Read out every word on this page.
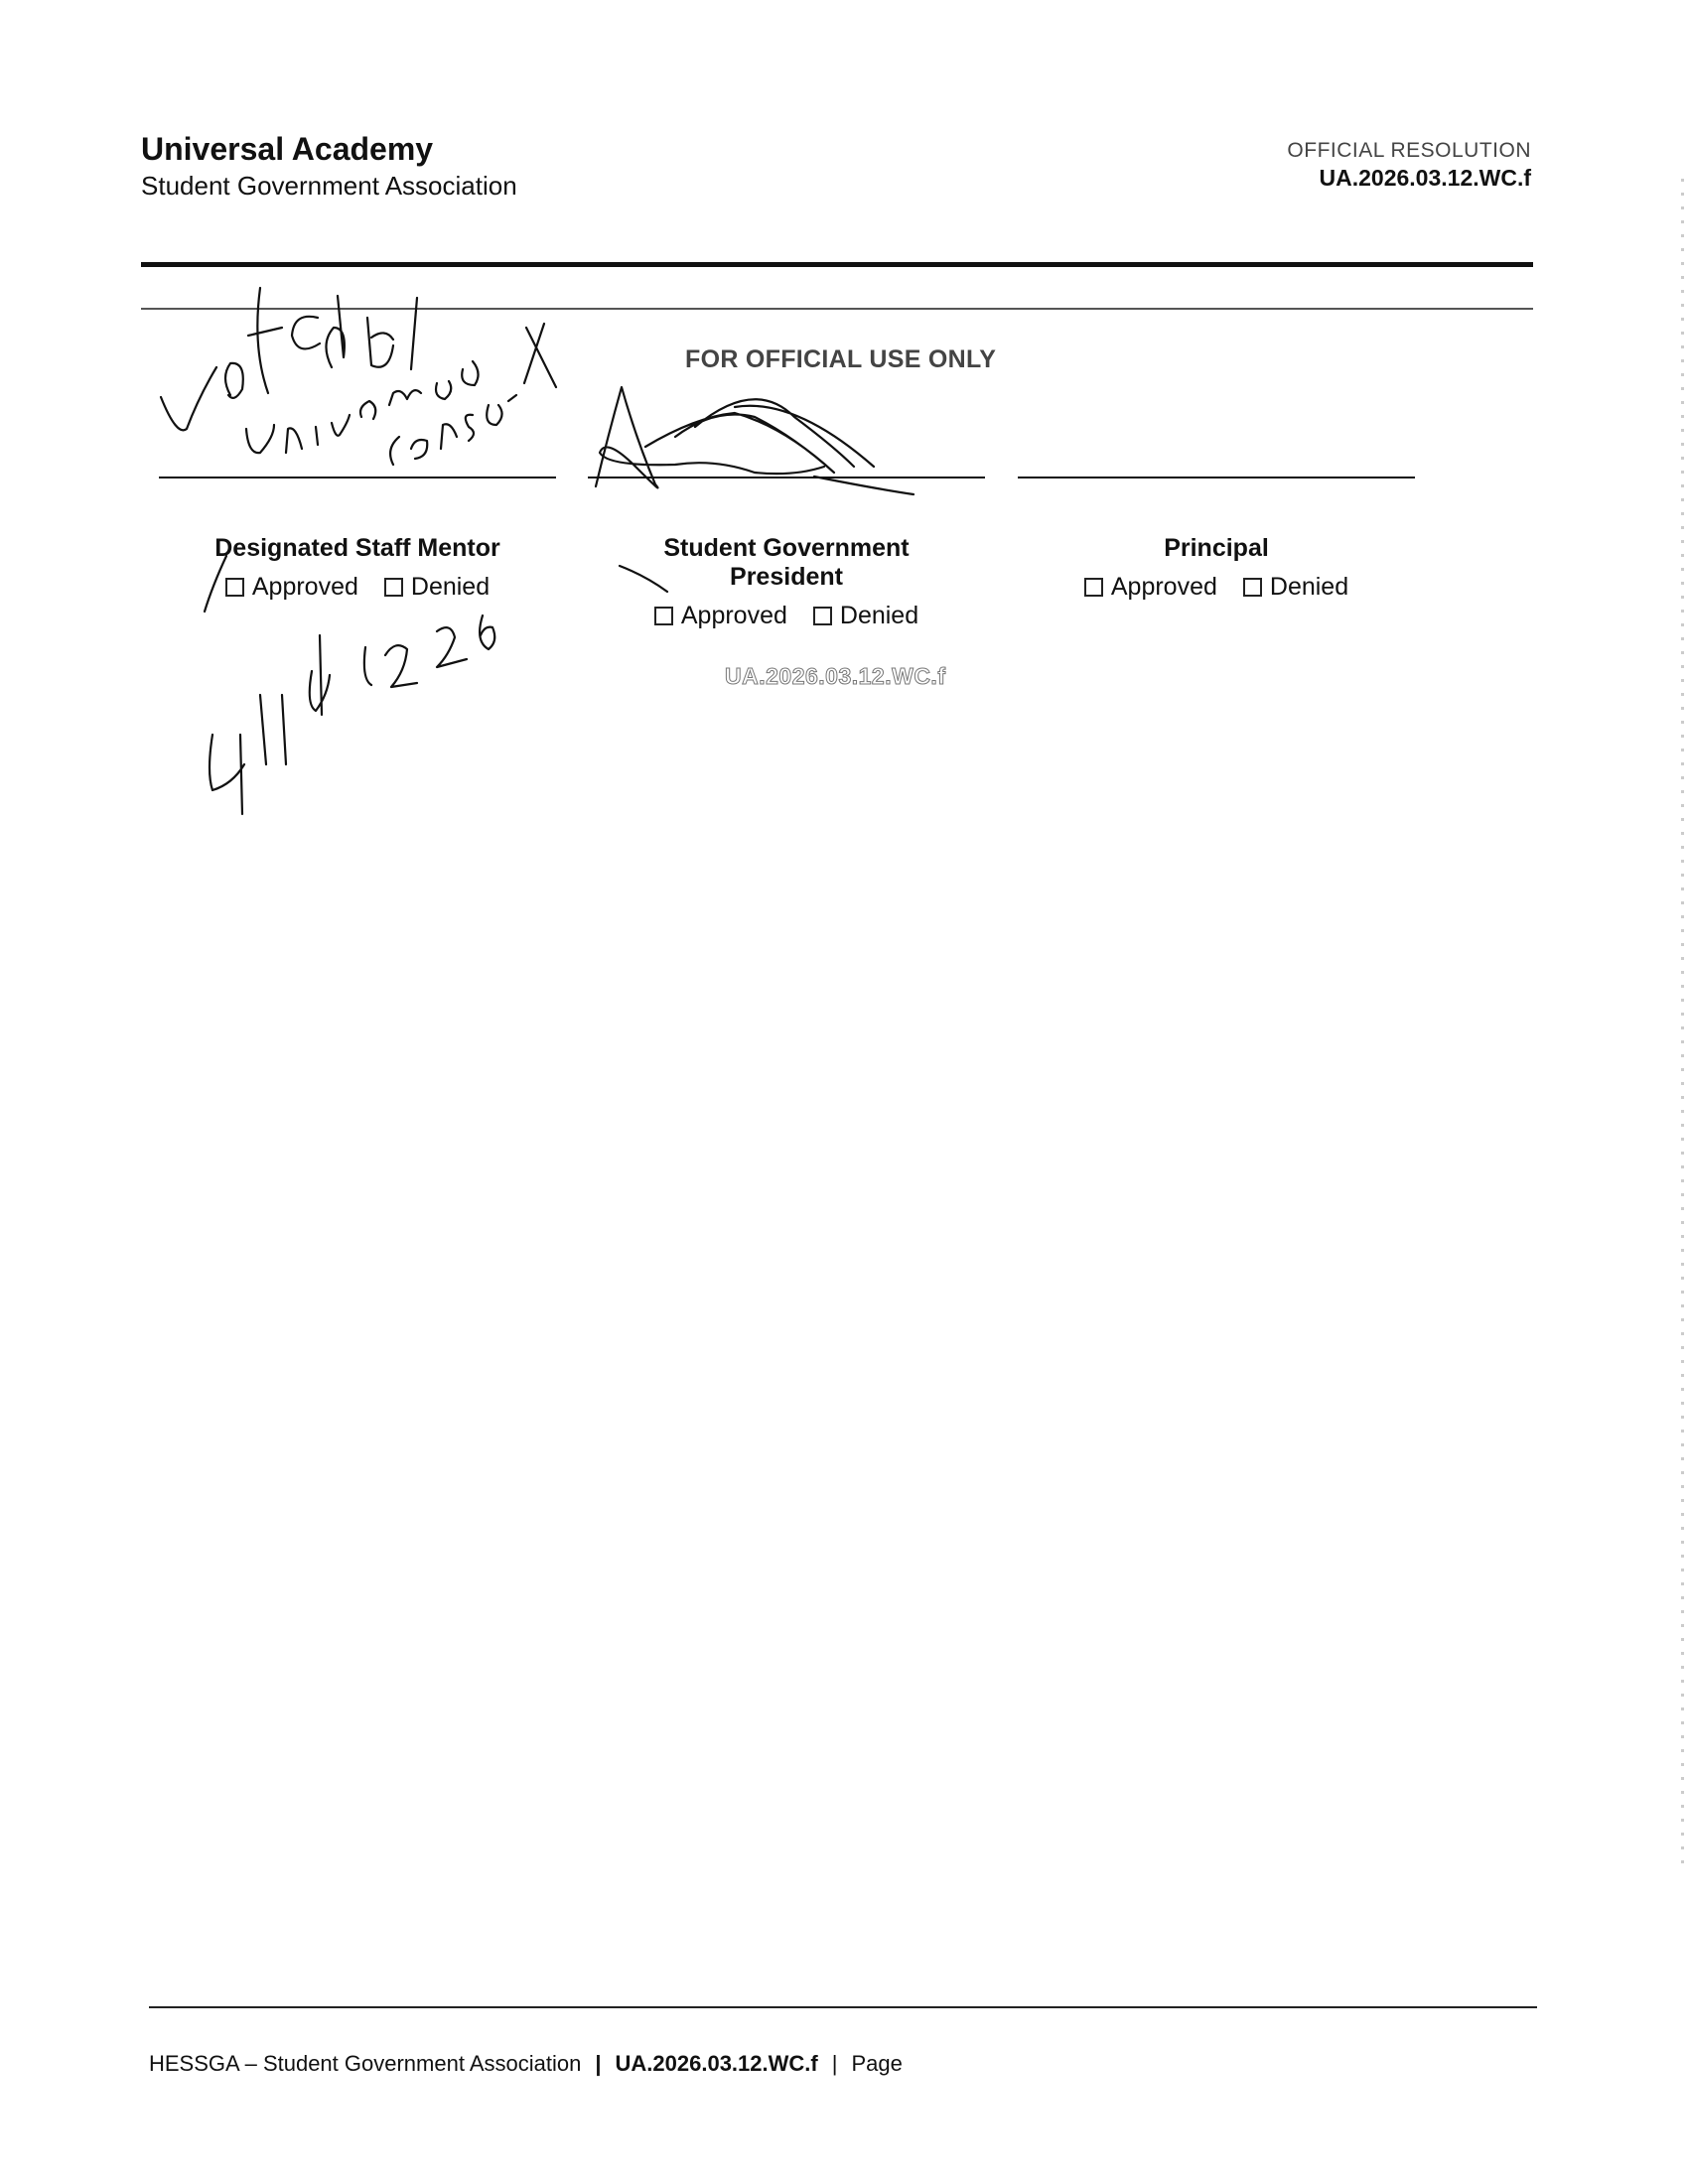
Universal Academy
Student Government Association
OFFICIAL RESOLUTION
UA.2026.03.12.WC.f
FOR OFFICIAL USE ONLY
Designated Staff Mentor
Approved Denied
Student Government President
Approved Denied
Principal
Approved Denied
UA.2026.03.12.WC.f
HESSGA – Student Government Association | UA.2026.03.12.WC.f | Page
